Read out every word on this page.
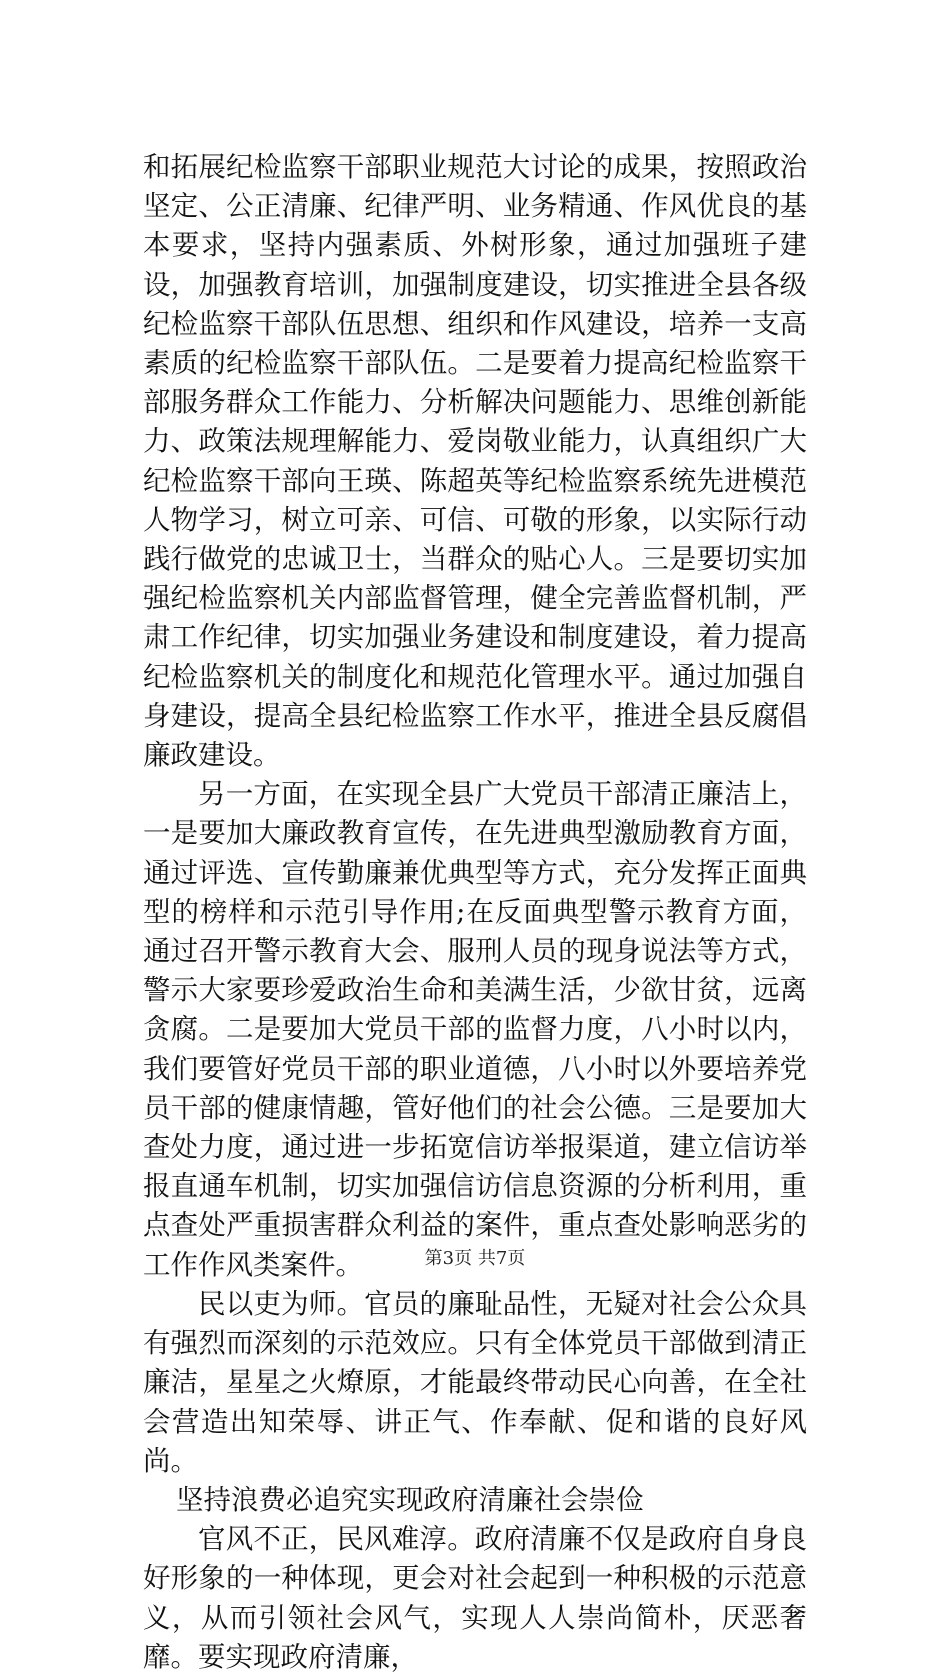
和拓展纪检监察干部职业规范大讨论的成果，按照政治坚定、公正清廉、纪律严明、业务精通、作风优良的基本要求，坚持内强素质、外树形象，通过加强班子建设，加强教育培训，加强制度建设，切实推进全县各级纪检监察干部队伍思想、组织和作风建设，培养一支高素质的纪检监察干部队伍。二是要着力提高纪检监察干部服务群众工作能力、分析解决问题能力、思维创新能力、政策法规理解能力、爱岗敬业能力，认真组织广大纪检监察干部向王瑛、陈超英等纪检监察系统先进模范人物学习，树立可亲、可信、可敬的形象，以实际行动践行做党的忠诚卫士，当群众的贴心人。三是要切实加强纪检监察机关内部监督管理，健全完善监督机制，严肃工作纪律，切实加强业务建设和制度建设，着力提高纪检监察机关的制度化和规范化管理水平。通过加强自身建设，提高全县纪检监察工作水平，推进全县反腐倡廉政建设。

另一方面，在实现全县广大党员干部清正廉洁上，一是要加大廉政教育宣传，在先进典型激励教育方面，通过评选、宣传勤廉兼优典型等方式，充分发挥正面典型的榜样和示范引导作用;在反面典型警示教育方面，通过召开警示教育大会、服刑人员的现身说法等方式，警示大家要珍爱政治生命和美满生活，少欲甘贫，远离贪腐。二是要加大党员干部的监督力度，八小时以内，我们要管好党员干部的职业道德，八小时以外要培养党员干部的健康情趣，管好他们的社会公德。三是要加大查处力度，通过进一步拓宽信访举报渠道，建立信访举报直通车机制，切实加强信访信息资源的分析利用，重点查处严重损害群众利益的案件，重点查处影响恶劣的工作作风类案件。

民以吏为师。官员的廉耻品性，无疑对社会公众具有强烈而深刻的示范效应。只有全体党员干部做到清正廉洁，星星之火燎原，才能最终带动民心向善，在全社会营造出知荣辱、讲正气、作奉献、促和谐的良好风尚。

坚持浪费必追究实现政府清廉社会崇俭

官风不正，民风难淳。政府清廉不仅是政府自身良好形象的一种体现，更会对社会起到一种积极的示范意义，从而引领社会风气，实现人人崇尚简朴，厌恶奢靡。要实现政府清廉，

第3页 共7页
